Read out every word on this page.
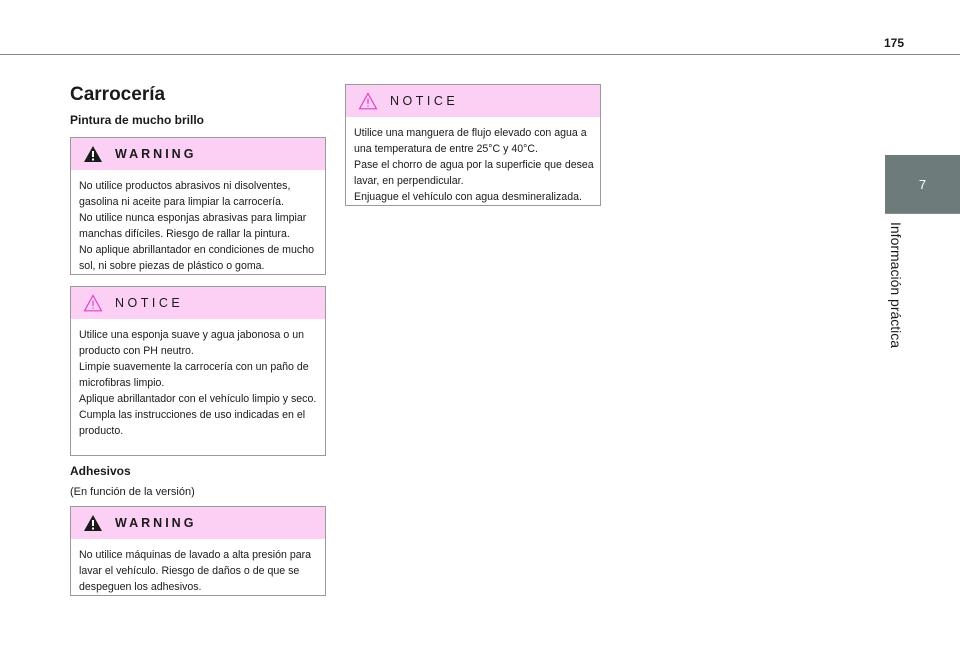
175
7
Información práctica
Carrocería
Pintura de mucho brillo
WARNING

No utilice productos abrasivos ni disolventes, gasolina ni aceite para limpiar la carrocería.

No utilice nunca esponjas abrasivas para limpiar manchas difíciles. Riesgo de rallar la pintura.

No aplique abrillantador en condiciones de mucho sol, ni sobre piezas de plástico o goma.

NOTICE

Utilice una esponja suave y agua jabonosa o un producto con PH neutro.

Limpie suavemente la carrocería con un paño de microfibras limpio.

Aplique abrillantador con el vehículo limpio y seco.

Cumpla las instrucciones de uso indicadas en el producto.

Adhesivos

(En función de la versión)

WARNING

No utilice máquinas de lavado a alta presión para lavar el vehículo. Riesgo de daños o de que se despeguen los adhesivos.

NOTICE

Utilice una manguera de flujo elevado con agua a una temperatura de entre 25°C y 40°C.

Pase el chorro de agua por la superficie que desea lavar, en perpendicular.

Enjuague el vehículo con agua desmineralizada.
